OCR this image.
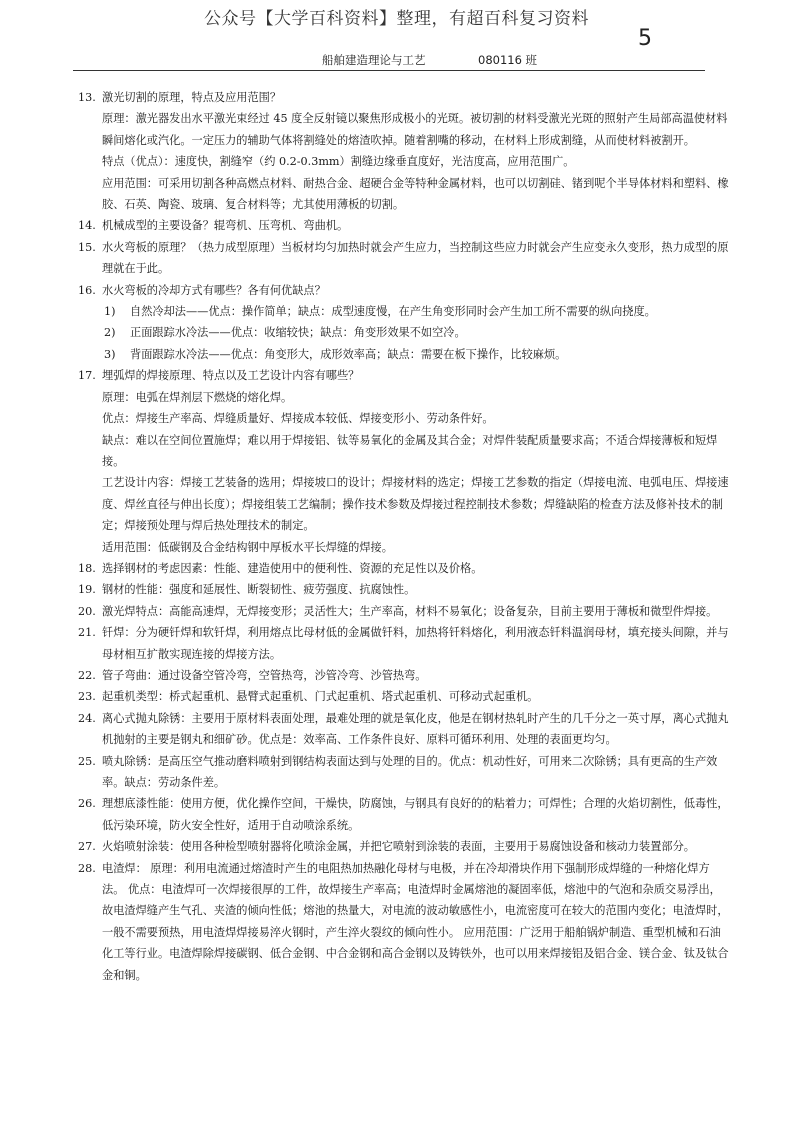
公众号【大学百科资料】整理，有超百科复习资料
5
船舶建造理论与工艺	080116 班
13. 激光切割的原理，特点及应用范围？

原理：激光器发出水平激光束经过 45 度全反射镜以聚焦形成极小的光斑。被切割的材料受激光光斑的照射产生局部高温使材料瞬间熔化或汽化。一定压力的辅助气体将割缝处的熔渣吹掉。随着割嘴的移动，在材料上形成割缝，从而使材料被割开。

特点（优点）：速度快，割缝窄（约 0.2-0.3mm）割缝边缘垂直度好，光洁度高，应用范围广。

应用范围：可采用切割各种高燃点材料、耐热合金、超硬合金等特种金属材料，也可以切割硅、锗到呢个半导体材料和塑料、橡胶、石英、陶瓷、玻璃、复合材料等；尤其使用薄板的切割。

14. 机械成型的主要设备？辊弯机、压弯机、弯曲机。
15. 水火弯板的原理？（热力成型原理）当板材均匀加热时就会产生应力，当控制这些应力时就会产生应变永久变形，热力成型的原理就在于此。
16. 水火弯板的冷却方式有哪些？各有何优缺点？
1) 自然冷却法——优点：操作简单；缺点：成型速度慢，在产生角变形同时会产生加工所不需要的纵向挠度。
2) 正面跟踪水冷法——优点：收缩较快；缺点：角变形效果不如空冷。
3) 背面跟踪水冷法——优点：角变形大，成形效率高；缺点：需要在板下操作，比较麻烦。
17. 埋弧焊的焊接原理、特点以及工艺设计内容有哪些？

原理：电弧在焊剂层下燃烧的熔化焊。

优点：焊接生产率高、焊缝质量好、焊接成本较低、焊接变形小、劳动条件好。

缺点：难以在空间位置施焊；难以用于焊接铝、钛等易氧化的金属及其合金；对焊件装配质量要求高；不适合焊接薄板和短焊接。

工艺设计内容：焊接工艺装备的选用；焊接坡口的设计；焊接材料的选定；焊接工艺参数的指定（焊接电流、电弧电压、焊接速度、焊丝直径与伸出长度）；焊接组装工艺编制；操作技术参数及焊接过程控制技术参数；焊缝缺陷的检查方法及修补技术的制定；焊接预处理与焊后热处理技术的制定。

适用范围：低碳钢及合金结构钢中厚板水平长焊缝的焊接。

18. 选择钢材的考虑因素：性能、建造使用中的便利性、资源的充足性以及价格。
19. 钢材的性能：强度和延展性、断裂韧性、疲劳强度、抗腐蚀性。
20. 激光焊特点：高能高速焊，无焊接变形；灵活性大；生产率高，材料不易氧化；设备复杂，目前主要用于薄板和微型件焊接。
21. 钎焊：分为硬钎焊和软钎焊，利用熔点比母材低的金属做钎料，加热将钎料熔化，利用液态钎料温润母材，填充接头间隙，并与母材相互扩散实现连接的焊接方法。
22. 管子弯曲：通过设备空管冷弯，空管热弯，沙管冷弯、沙管热弯。
23. 起重机类型：桥式起重机、悬臂式起重机、门式起重机、塔式起重机、可移动式起重机。
24. 离心式抛丸除锈：主要用于原材料表面处理，最难处理的就是氧化皮，他是在钢材热轧时产生的几千分之一英寸厚，离心式抛丸机抛射的主要是钢丸和细矿砂。优点是：效率高、工作条件良好、原料可循环利用、处理的表面更均匀。
25. 喷丸除锈：是高压空气推动磨料喷射到钢结构表面达到与处理的目的。优点：机动性好，可用来二次除锈；具有更高的生产效率。缺点：劳动条件差。
26. 理想底漆性能：使用方便，优化操作空间，干燥快，防腐蚀，与钢具有良好的的粘着力；可焊性；合理的火焰切割性，低毒性，低污染环境，防火安全性好，适用于自动喷涂系统。
27. 火焰喷射涂装：使用各种检型喷射器将化喷涂金属，并把它喷射到涂装的表面，主要用于易腐蚀设备和核动力装置部分。
28. 电渣焊： 原理：利用电流通过熔渣时产生的电阻热加热融化母材与电极，并在冷却滑块作用下强制形成焊缝的一种熔化焊方法。 优点：电渣焊可一次焊接很厚的工件，故焊接生产率高；电渣焊时金属熔池的凝固率低，熔池中的气泡和杂质交易浮出，故电渣焊缝产生气孔、夹渣的倾向性低；熔池的热量大，对电流的波动敏感性小，电流密度可在较大的范围内变化；电渣焊时，一般不需要预热，用电渣焊焊接易淬火钢时，产生淬火裂纹的倾向性小。 应用范围：广泛用于船舶锅炉制造、重型机械和石油化工等行业。电渣焊除焊接碳钢、低合金钢、中合金钢和高合金钢以及铸铁外，也可以用来焊接铝及铝合金、镁合金、钛及钛合金和铜。
